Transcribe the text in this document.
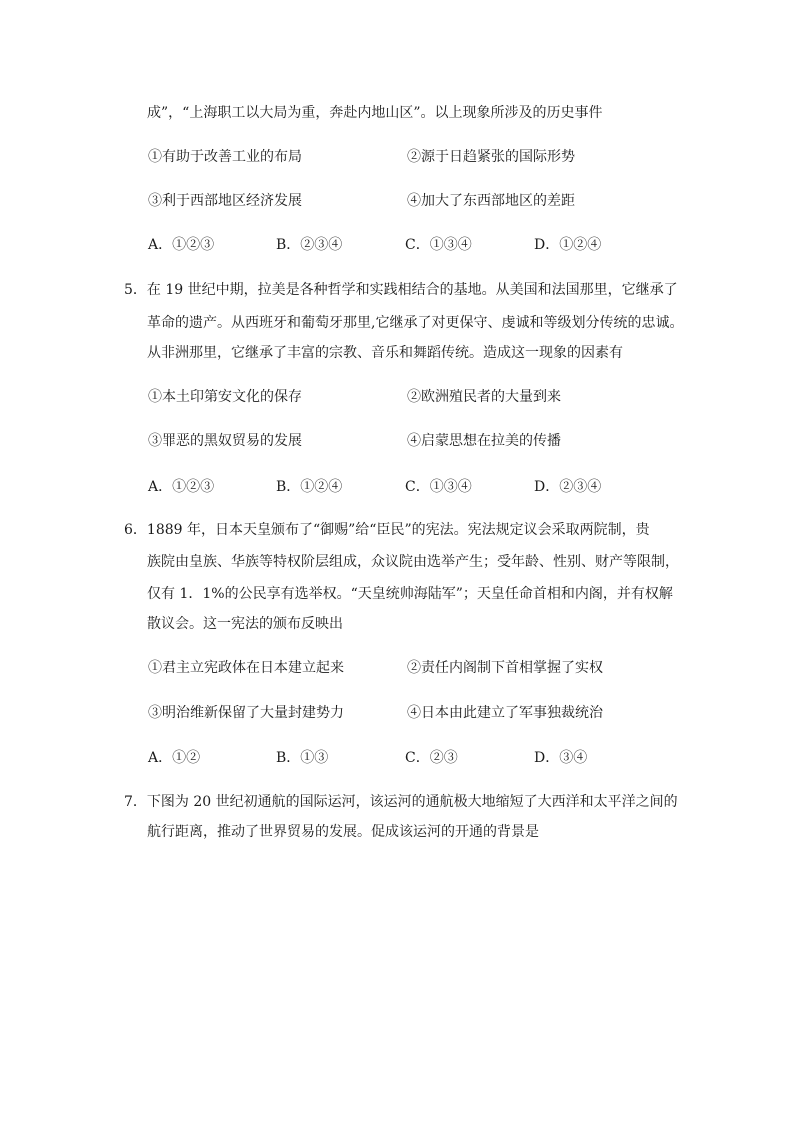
成”，“上海职工以大局为重，奔赴内地山区”。以上现象所涉及的历史事件
①有助于改善工业的布局	②源于日趋紧张的国际形势
③利于西部地区经济发展	④加大了东西部地区的差距
A．①②③	B．②③④	C．①③④	D．①②④
5．在 19 世纪中期，拉美是各种哲学和实践相结合的基地。从美国和法国那里，它继承了
革命的遗产。从西班牙和葡萄牙那里,它继承了对更保守、虔诚和等级划分传统的忠诚。
从非洲那里，它继承了丰富的宗教、音乐和舞蹈传统。造成这一现象的因素有
①本土印第安文化的保存	②欧洲殖民者的大量到来
③罪恶的黑奴贸易的发展	④启蒙思想在拉美的传播
A．①②③	B．①②④	C．①③④	D．②③④
6．1889 年，日本天皇颁布了“御赐”给“臣民”的宪法。宪法规定议会采取两院制，贵
族院由皇族、华族等特权阶层组成，众议院由选举产生；受年龄、性别、财产等限制，
仅有 1．1%的公民享有选举权。“天皇统帅海陆军”；天皇任命首相和内阁，并有权解
散议会。这一宪法的颁布反映出
①君主立宪政体在日本建立起来	②责任内阁制下首相掌握了实权
③明治维新保留了大量封建势力	④日本由此建立了军事独裁统治
A．①②	B．①③	C．②③	D．③④
7．下图为 20 世纪初通航的国际运河，该运河的通航极大地缩短了大西洋和太平洋之间的
航行距离，推动了世界贸易的发展。促成该运河的开通的背景是
